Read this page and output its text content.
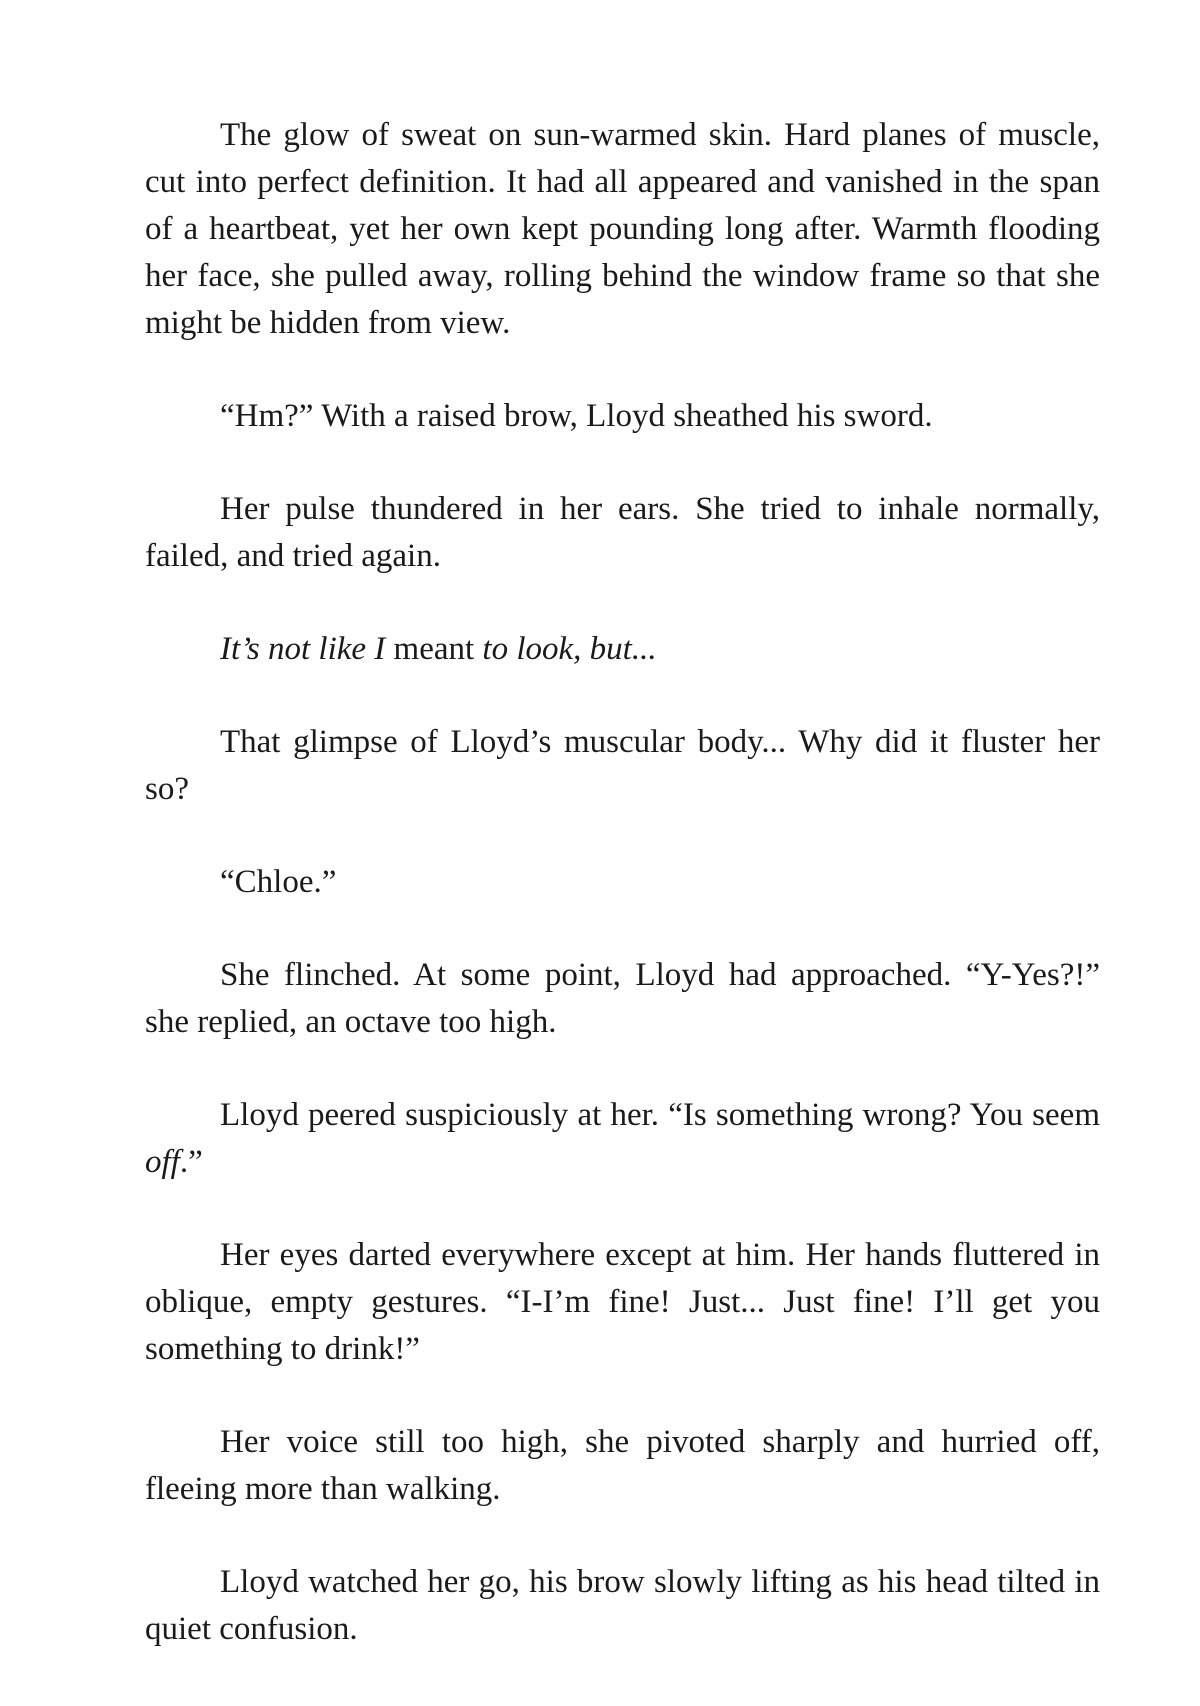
The glow of sweat on sun-warmed skin. Hard planes of muscle, cut into perfect definition. It had all appeared and vanished in the span of a heartbeat, yet her own kept pounding long after. Warmth flooding her face, she pulled away, rolling behind the window frame so that she might be hidden from view.

“Hm?” With a raised brow, Lloyd sheathed his sword.

Her pulse thundered in her ears. She tried to inhale normally, failed, and tried again.

It’s not like I meant to look, but...

That glimpse of Lloyd’s muscular body... Why did it fluster her so?

“Chloe.”

She flinched. At some point, Lloyd had approached. “Y-Yes?!” she replied, an octave too high.

Lloyd peered suspiciously at her. “Is something wrong? You seem off.”

Her eyes darted everywhere except at him. Her hands fluttered in oblique, empty gestures. “I-I’m fine! Just... Just fine! I’ll get you something to drink!”

Her voice still too high, she pivoted sharply and hurried off, fleeing more than walking.

Lloyd watched her go, his brow slowly lifting as his head tilted in quiet confusion.
